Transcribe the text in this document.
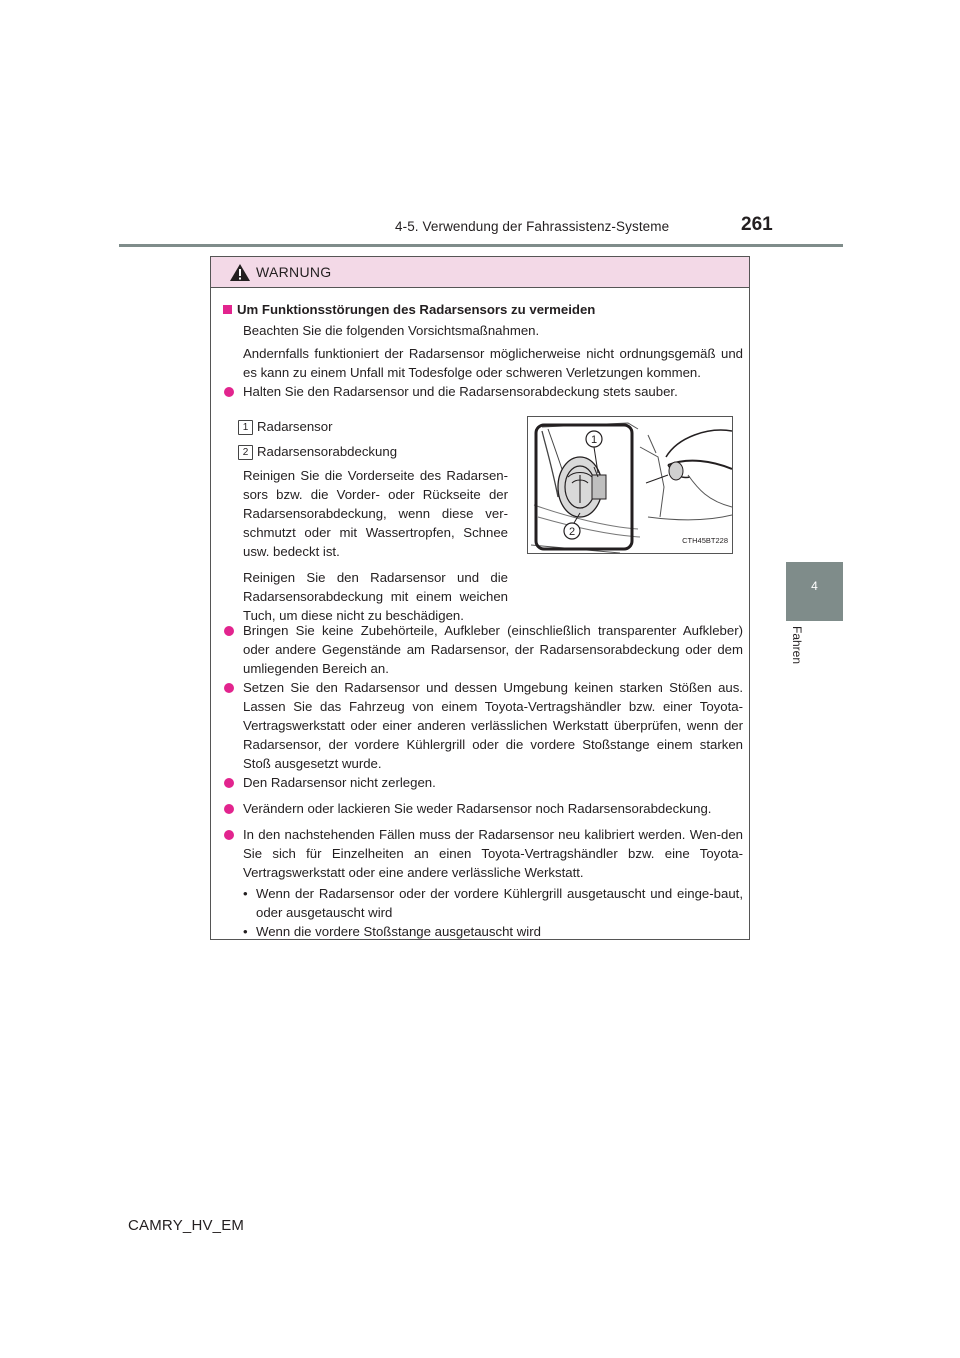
4-5. Verwendung der Fahrassistenz-Systeme	261
4
Fahren
WARNUNG
Um Funktionsstörungen des Radarsensors zu vermeiden
Beachten Sie die folgenden Vorsichtsmaßnahmen.
Andernfalls funktioniert der Radarsensor möglicherweise nicht ordnungsgemäß und es kann zu einem Unfall mit Todesfolge oder schweren Verletzungen kommen.
Halten Sie den Radarsensor und die Radarsensorabdeckung stets sauber.
1 Radarsensor
2 Radarsensorabdeckung
Reinigen Sie die Vorderseite des Radarsen-sors bzw. die Vorder- oder Rückseite der Radarsensorabdeckung, wenn diese ver-schmutzt oder mit Wassertropfen, Schnee usw. bedeckt ist.
Reinigen Sie den Radarsensor und die Radarsensorabdeckung mit einem weichen Tuch, um diese nicht zu beschädigen.
1
2
CTH45BT228
Bringen Sie keine Zubehörteile, Aufkleber (einschließlich transparenter Aufkleber) oder andere Gegenstände am Radarsensor, der Radarsensorabdeckung oder dem umliegenden Bereich an.
Setzen Sie den Radarsensor und dessen Umgebung keinen starken Stößen aus. Lassen Sie das Fahrzeug von einem Toyota-Vertragshändler bzw. einer Toyota-Vertragswerkstatt oder einer anderen verlässlichen Werkstatt überprüfen, wenn der Radarsensor, der vordere Kühlergrill oder die vordere Stoßstange einem starken Stoß ausgesetzt wurde.
Den Radarsensor nicht zerlegen.
Verändern oder lackieren Sie weder Radarsensor noch Radarsensorabdeckung.
In den nachstehenden Fällen muss der Radarsensor neu kalibriert werden. Wen-den Sie sich für Einzelheiten an einen Toyota-Vertragshändler bzw. eine Toyota-Vertragswerkstatt oder eine andere verlässliche Werkstatt.
• Wenn der Radarsensor oder der vordere Kühlergrill ausgetauscht und einge-baut, oder ausgetauscht wird
• Wenn die vordere Stoßstange ausgetauscht wird
CAMRY_HV_EM
